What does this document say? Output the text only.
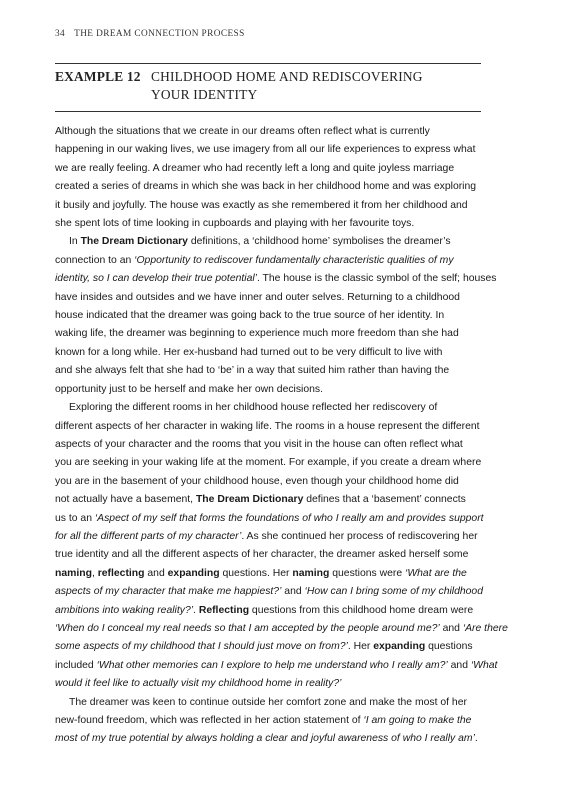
34 THE DREAM CONNECTION PROCESS
EXAMPLE 12 CHILDHOOD HOME AND REDISCOVERING
YOUR IDENTITY

Although the situations that we create in our dreams often reflect what is currently
happening in our waking lives, we use imagery from all our life experiences to express what
we are really feeling. A dreamer who had recently left a long and quite joyless marriage
created a series of dreams in which she was back in her childhood home and was exploring
it busily and joyfully. The house was exactly as she remembered it from her childhood and
she spent lots of time looking in cupboards and playing with her favourite toys.

In The Dream Dictionary definitions, a ‘childhood home’ symbolises the dreamer’s
connection to an ‘Opportunity to rediscover fundamentally characteristic qualities of my
identity, so I can develop their true potential’. The house is the classic symbol of the self; houses
have insides and outsides and we have inner and outer selves. Returning to a childhood
house indicated that the dreamer was going back to the true source of her identity. In
waking life, the dreamer was beginning to experience much more freedom than she had
known for a long while. Her ex-husband had turned out to be very difficult to live with
and she always felt that she had to ‘be’ in a way that suited him rather than having the
opportunity just to be herself and make her own decisions.

Exploring the different rooms in her childhood house reflected her rediscovery of
different aspects of her character in waking life. The rooms in a house represent the different
aspects of your character and the rooms that you visit in the house can often reflect what
you are seeking in your waking life at the moment. For example, if you create a dream where
you are in the basement of your childhood house, even though your childhood home did
not actually have a basement, The Dream Dictionary defines that a ‘basement’ connects
us to an ‘Aspect of my self that forms the foundations of who I really am and provides support
for all the different parts of my character’. As she continued her process of rediscovering her
true identity and all the different aspects of her character, the dreamer asked herself some
naming, reflecting and expanding questions. Her naming questions were ‘What are the
aspects of my character that make me happiest?’ and ‘How can I bring some of my childhood
ambitions into waking reality?’. Reflecting questions from this childhood home dream were
‘When do I conceal my real needs so that I am accepted by the people around me?’ and ‘Are there
some aspects of my childhood that I should just move on from?’. Her expanding questions
included ‘What other memories can I explore to help me understand who I really am?’ and ‘What
would it feel like to actually visit my childhood home in reality?’

The dreamer was keen to continue outside her comfort zone and make the most of her
new-found freedom, which was reflected in her action statement of ‘I am going to make the
most of my true potential by always holding a clear and joyful awareness of who I really am’.
